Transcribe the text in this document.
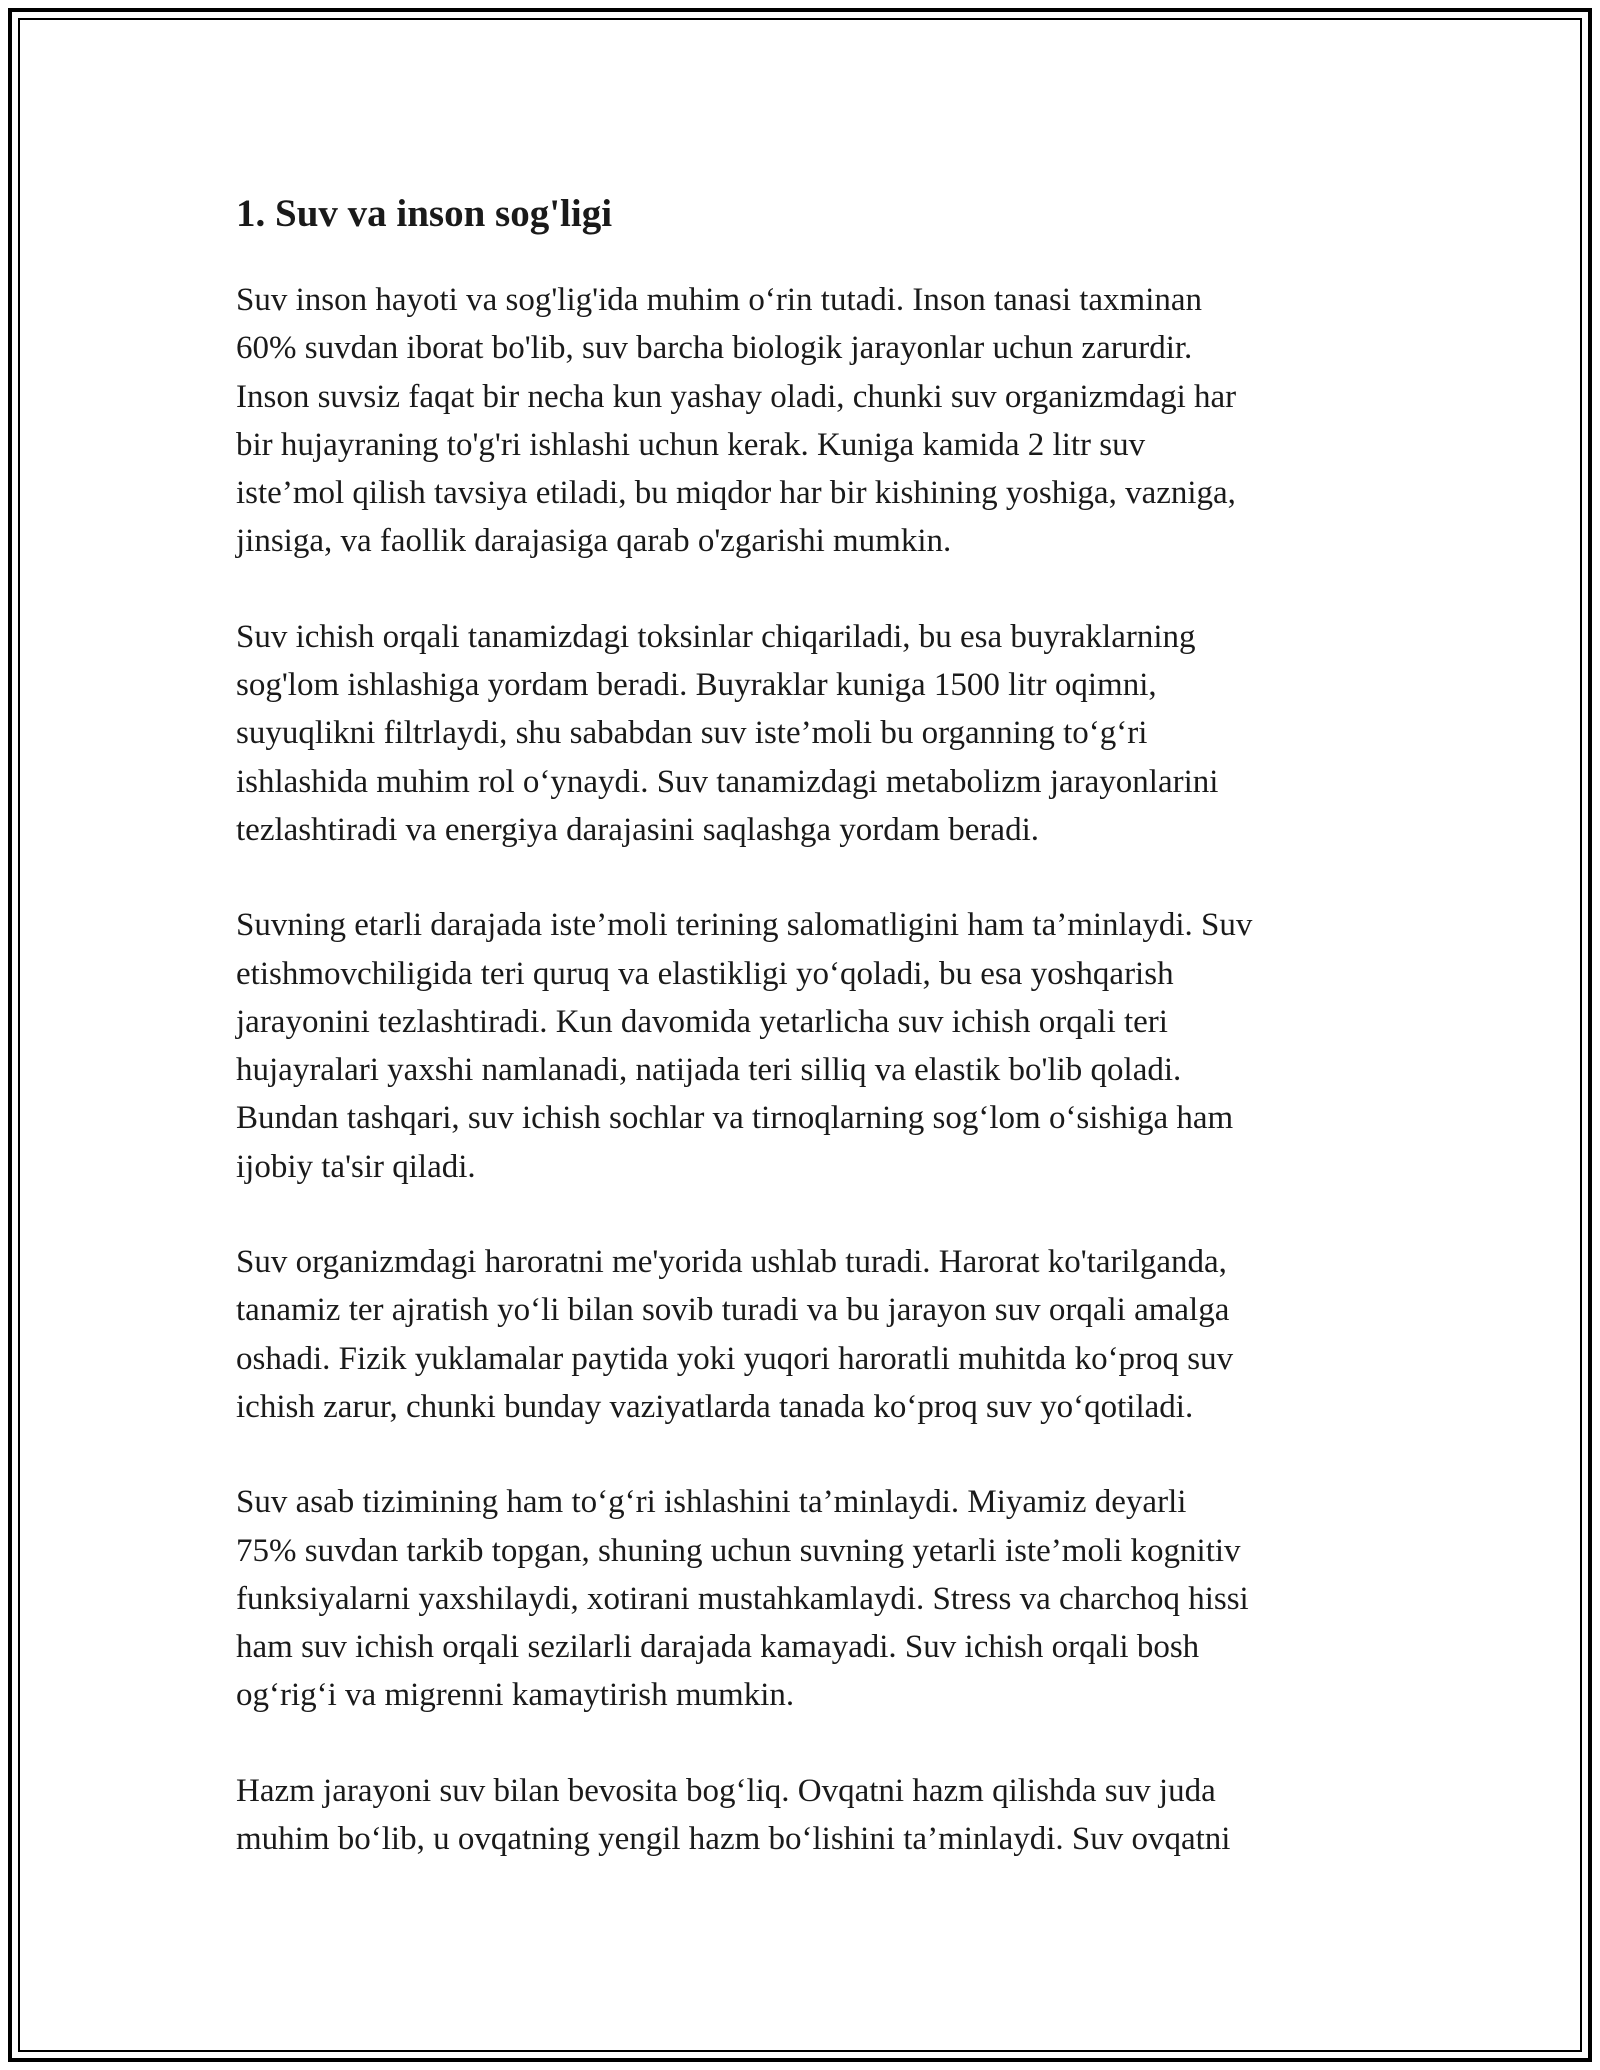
1. Suv va inson sog'ligi

Suv inson hayoti va sog'lig'ida muhim o‘rin tutadi. Inson tanasi taxminan
60% suvdan iborat bo'lib, suv barcha biologik jarayonlar uchun zarurdir.
Inson suvsiz faqat bir necha kun yashay oladi, chunki suv organizmdagi har
bir hujayraning to'g'ri ishlashi uchun kerak. Kuniga kamida 2 litr suv
iste’mol qilish tavsiya etiladi, bu miqdor har bir kishining yoshiga, vazniga,
jinsiga, va faollik darajasiga qarab o'zgarishi mumkin.

Suv ichish orqali tanamizdagi toksinlar chiqariladi, bu esa buyraklarning
sog'lom ishlashiga yordam beradi. Buyraklar kuniga 1500 litr oqimni,
suyuqlikni filtrlaydi, shu sababdan suv iste’moli bu organning to‘g‘ri
ishlashida muhim rol o‘ynaydi. Suv tanamizdagi metabolizm jarayonlarini
tezlashtiradi va energiya darajasini saqlashga yordam beradi.

Suvning etarli darajada iste’moli terining salomatligini ham ta’minlaydi. Suv
etishmovchiligida teri quruq va elastikligi yo‘qoladi, bu esa yoshqarish
jarayonini tezlashtiradi. Kun davomida yetarlicha suv ichish orqali teri
hujayralari yaxshi namlanadi, natijada teri silliq va elastik bo'lib qoladi.
Bundan tashqari, suv ichish sochlar va tirnoqlarning sog‘lom o‘sishiga ham
ijobiy ta'sir qiladi.

Suv organizmdagi haroratni me'yorida ushlab turadi. Harorat ko'tarilganda,
tanamiz ter ajratish yo‘li bilan sovib turadi va bu jarayon suv orqali amalga
oshadi. Fizik yuklamalar paytida yoki yuqori haroratli muhitda ko‘proq suv
ichish zarur, chunki bunday vaziyatlarda tanada ko‘proq suv yo‘qotiladi.

Suv asab tizimining ham to‘g‘ri ishlashini ta’minlaydi. Miyamiz deyarli
75% suvdan tarkib topgan, shuning uchun suvning yetarli iste’moli kognitiv
funksiyalarni yaxshilaydi, xotirani mustahkamlaydi. Stress va charchoq hissi
ham suv ichish orqali sezilarli darajada kamayadi. Suv ichish orqali bosh
og‘rig‘i va migrenni kamaytirish mumkin.

Hazm jarayoni suv bilan bevosita bog‘liq. Ovqatni hazm qilishda suv juda
muhim bo‘lib, u ovqatning yengil hazm bo‘lishini ta’minlaydi. Suv ovqatni
